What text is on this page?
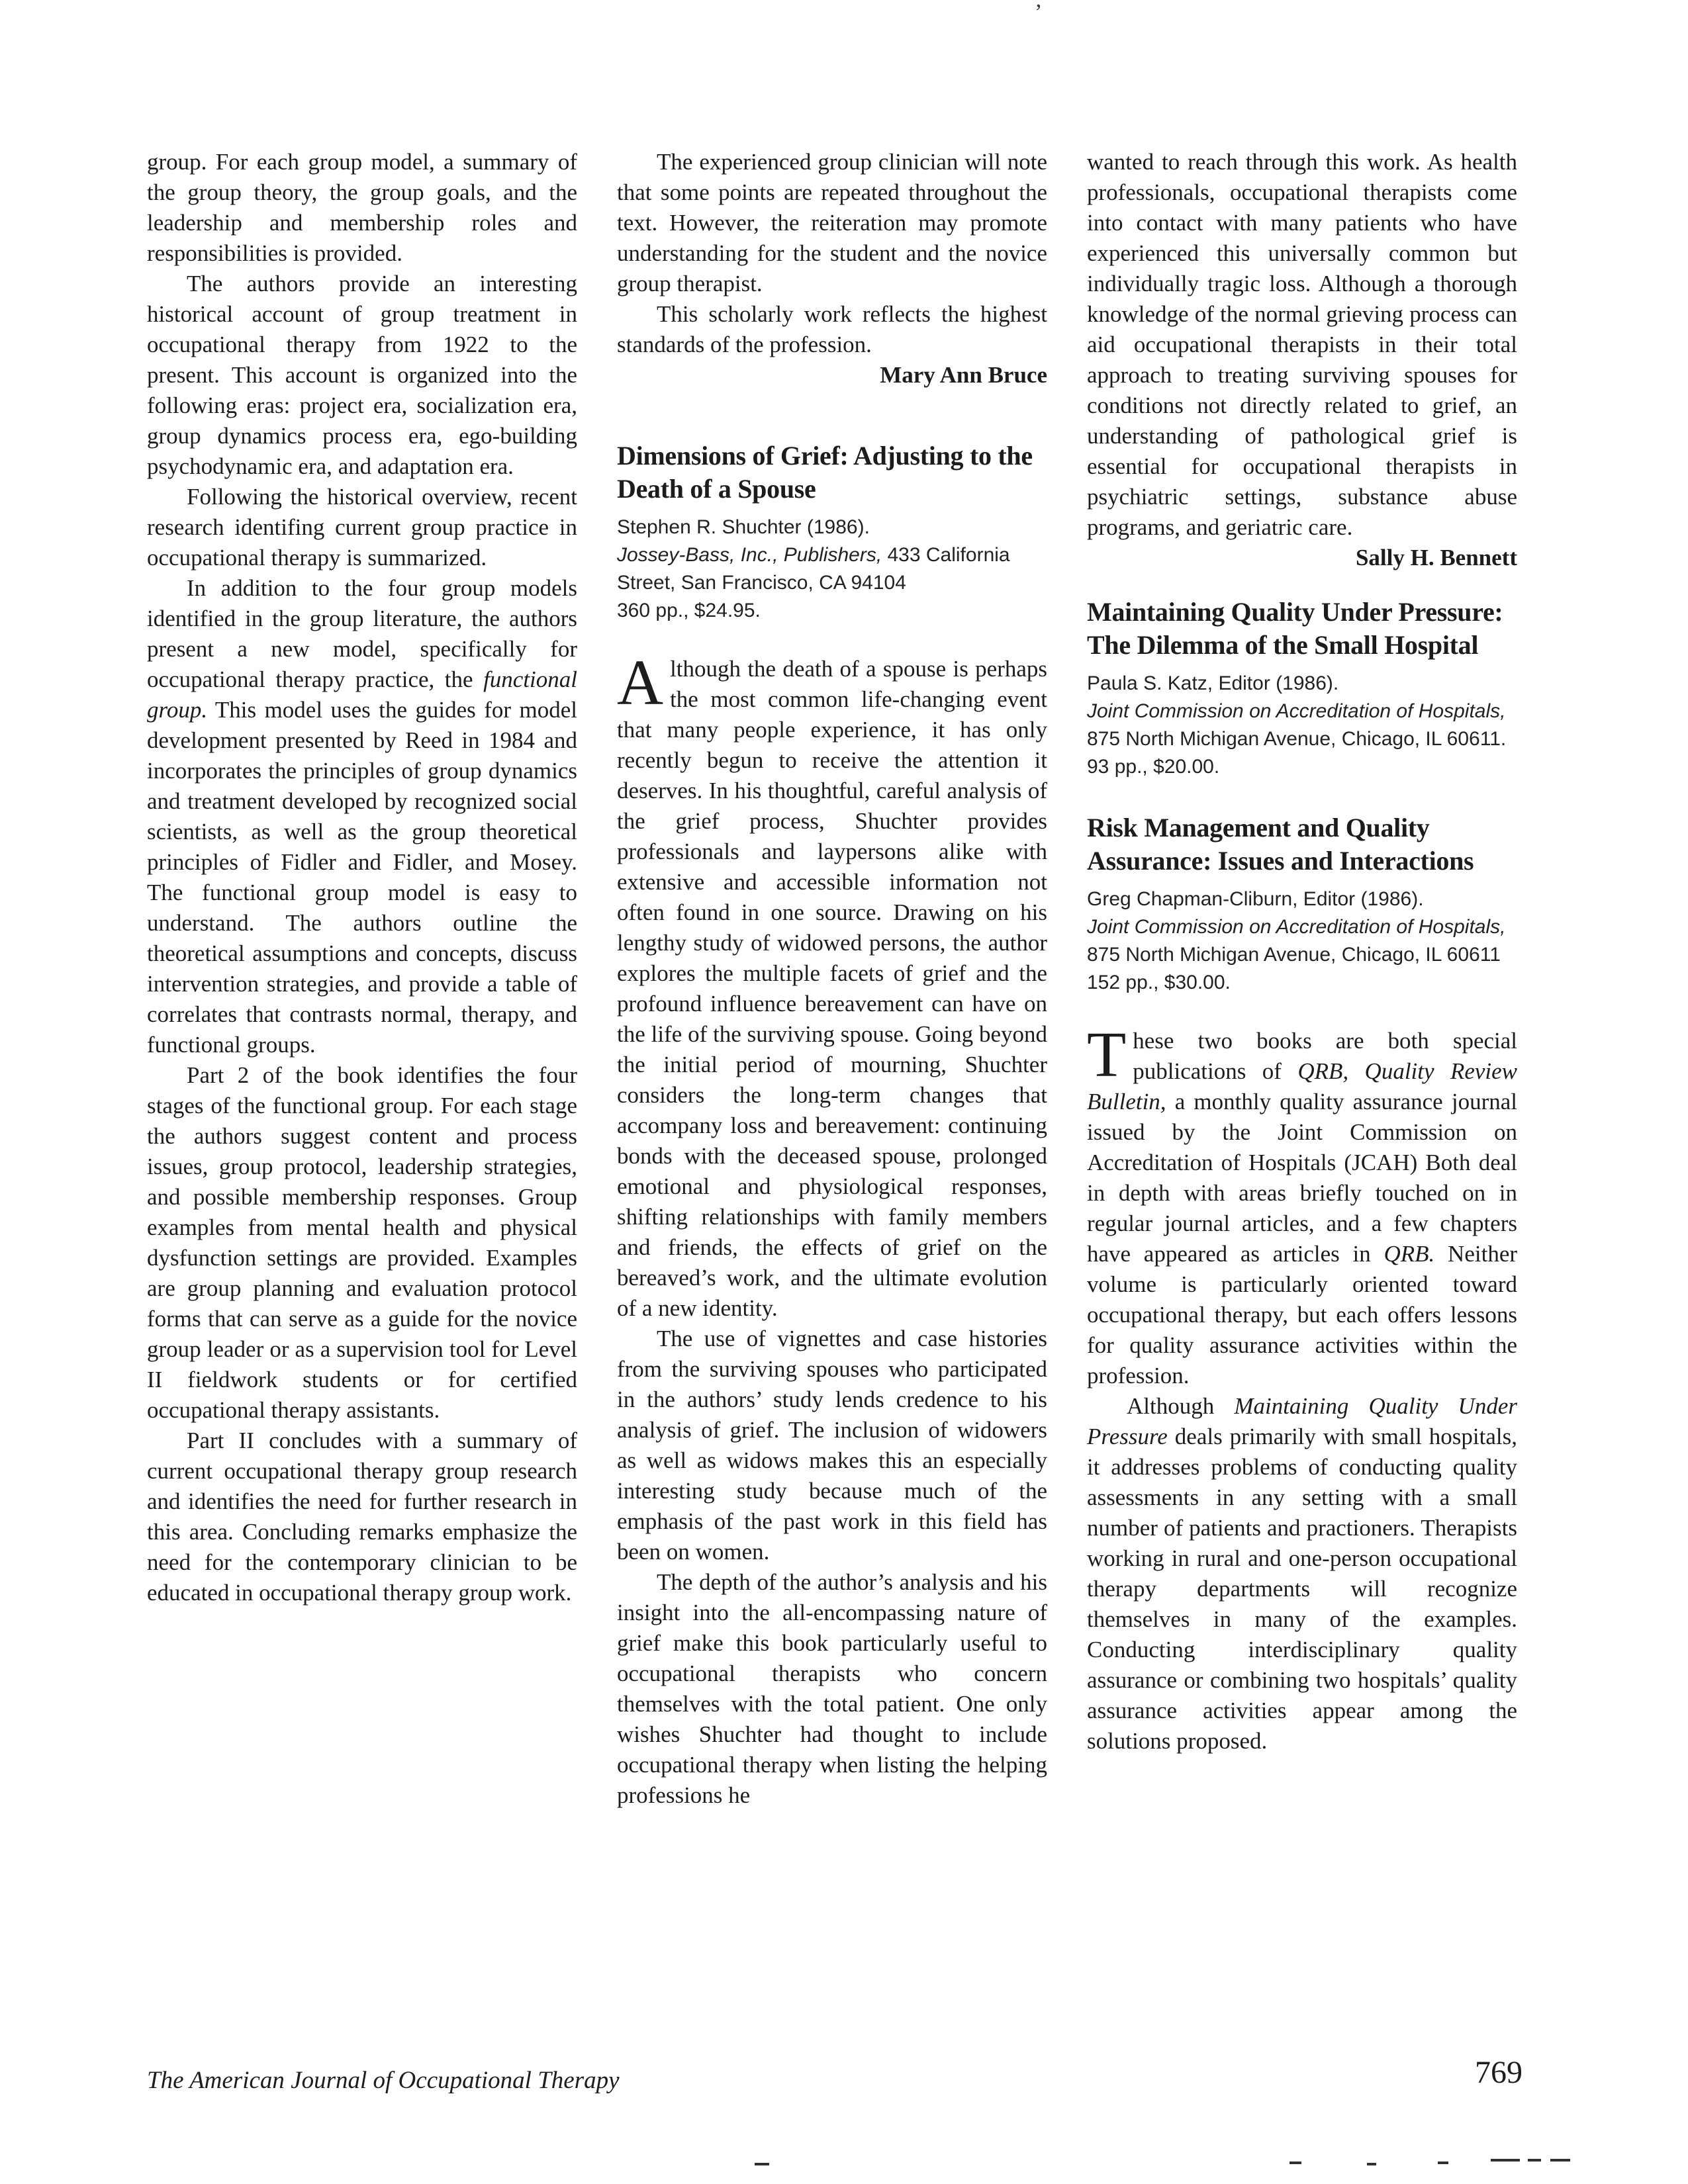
’

group. For each group model, a summary of the group theory, the group goals, and the leadership and membership roles and responsibilities is provided.

The authors provide an interesting historical account of group treatment in occupational therapy from 1922 to the present. This account is organized into the following eras: project era, socialization era, group dynamics process era, ego-building psychodynamic era, and adaptation era.

Following the historical overview, recent research identifing current group practice in occupational therapy is summarized.

In addition to the four group models identified in the group literature, the authors present a new model, specifically for occupational therapy practice, the functional group. This model uses the guides for model development presented by Reed in 1984 and incorporates the principles of group dynamics and treatment developed by recognized social scientists, as well as the group theoretical principles of Fidler and Fidler, and Mosey. The functional group model is easy to understand. The authors outline the theoretical assumptions and concepts, discuss intervention strategies, and provide a table of correlates that contrasts normal, therapy, and functional groups.

Part 2 of the book identifies the four stages of the functional group. For each stage the authors suggest content and process issues, group protocol, leadership strategies, and possible membership responses. Group examples from mental health and physical dysfunction settings are provided. Examples are group planning and evaluation protocol forms that can serve as a guide for the novice group leader or as a supervision tool for Level II fieldwork students or for certified occupational therapy assistants.

Part II concludes with a summary of current occupational therapy group research and identifies the need for further research in this area. Concluding remarks emphasize the need for the contemporary clinician to be educated in occupational therapy group work.

The experienced group clinician will note that some points are repeated throughout the text. However, the reiteration may promote understanding for the student and the novice group therapist.

This scholarly work reflects the highest standards of the profession.

Mary Ann Bruce
Dimensions of Grief: Adjusting to the Death of a Spouse
Stephen R. Shuchter (1986).
Jossey-Bass, Inc., Publishers, 433 California Street, San Francisco, CA 94104
360 pp., $24.95.

Although the death of a spouse is perhaps the most common life-changing event that many people experience, it has only recently begun to receive the attention it deserves. In his thoughtful, careful analysis of the grief process, Shuchter provides professionals and laypersons alike with extensive and accessible information not often found in one source. Drawing on his lengthy study of widowed persons, the author explores the multiple facets of grief and the profound influence bereavement can have on the life of the surviving spouse. Going beyond the initial period of mourning, Shuchter considers the long-term changes that accompany loss and bereavement: continuing bonds with the deceased spouse, prolonged emotional and physiological responses, shifting relationships with family members and friends, the effects of grief on the bereaved’s work, and the ultimate evolution of a new identity.

The use of vignettes and case histories from the surviving spouses who participated in the authors’ study lends credence to his analysis of grief. The inclusion of widowers as well as widows makes this an especially interesting study because much of the emphasis of the past work in this field has been on women.

The depth of the author’s analysis and his insight into the all-encompassing nature of grief make this book particularly useful to occupational therapists who concern themselves with the total patient. One only wishes Shuchter had thought to include occupational therapy when listing the helping professions he

wanted to reach through this work. As health professionals, occupational therapists come into contact with many patients who have experienced this universally common but individually tragic loss. Although a thorough knowledge of the normal grieving process can aid occupational therapists in their total approach to treating surviving spouses for conditions not directly related to grief, an understanding of pathological grief is essential for occupational therapists in psychiatric settings, substance abuse programs, and geriatric care.

Sally H. Bennett
Maintaining Quality Under Pressure: The Dilemma of the Small Hospital
Paula S. Katz, Editor (1986).
Joint Commission on Accreditation of Hospitals, 875 North Michigan Avenue, Chicago, IL 60611.
93 pp., $20.00.
Risk Management and Quality Assurance: Issues and Interactions
Greg Chapman-Cliburn, Editor (1986).
Joint Commission on Accreditation of Hospitals, 875 North Michigan Avenue, Chicago, IL 60611
152 pp., $30.00.

These two books are both special publications of QRB, Quality Review Bulletin, a monthly quality assurance journal issued by the Joint Commission on Accreditation of Hospitals (JCAH) Both deal in depth with areas briefly touched on in regular journal articles, and a few chapters have appeared as articles in QRB. Neither volume is particularly oriented toward occupational therapy, but each offers lessons for quality assurance activities within the profession.

Although Maintaining Quality Under Pressure deals primarily with small hospitals, it addresses problems of conducting quality assessments in any setting with a small number of patients and practioners. Therapists working in rural and one-person occupational therapy departments will recognize themselves in many of the examples. Conducting interdisciplinary quality assurance or combining two hospitals’ quality assurance activities appear among the solutions proposed.

The American Journal of Occupational Therapy	769
